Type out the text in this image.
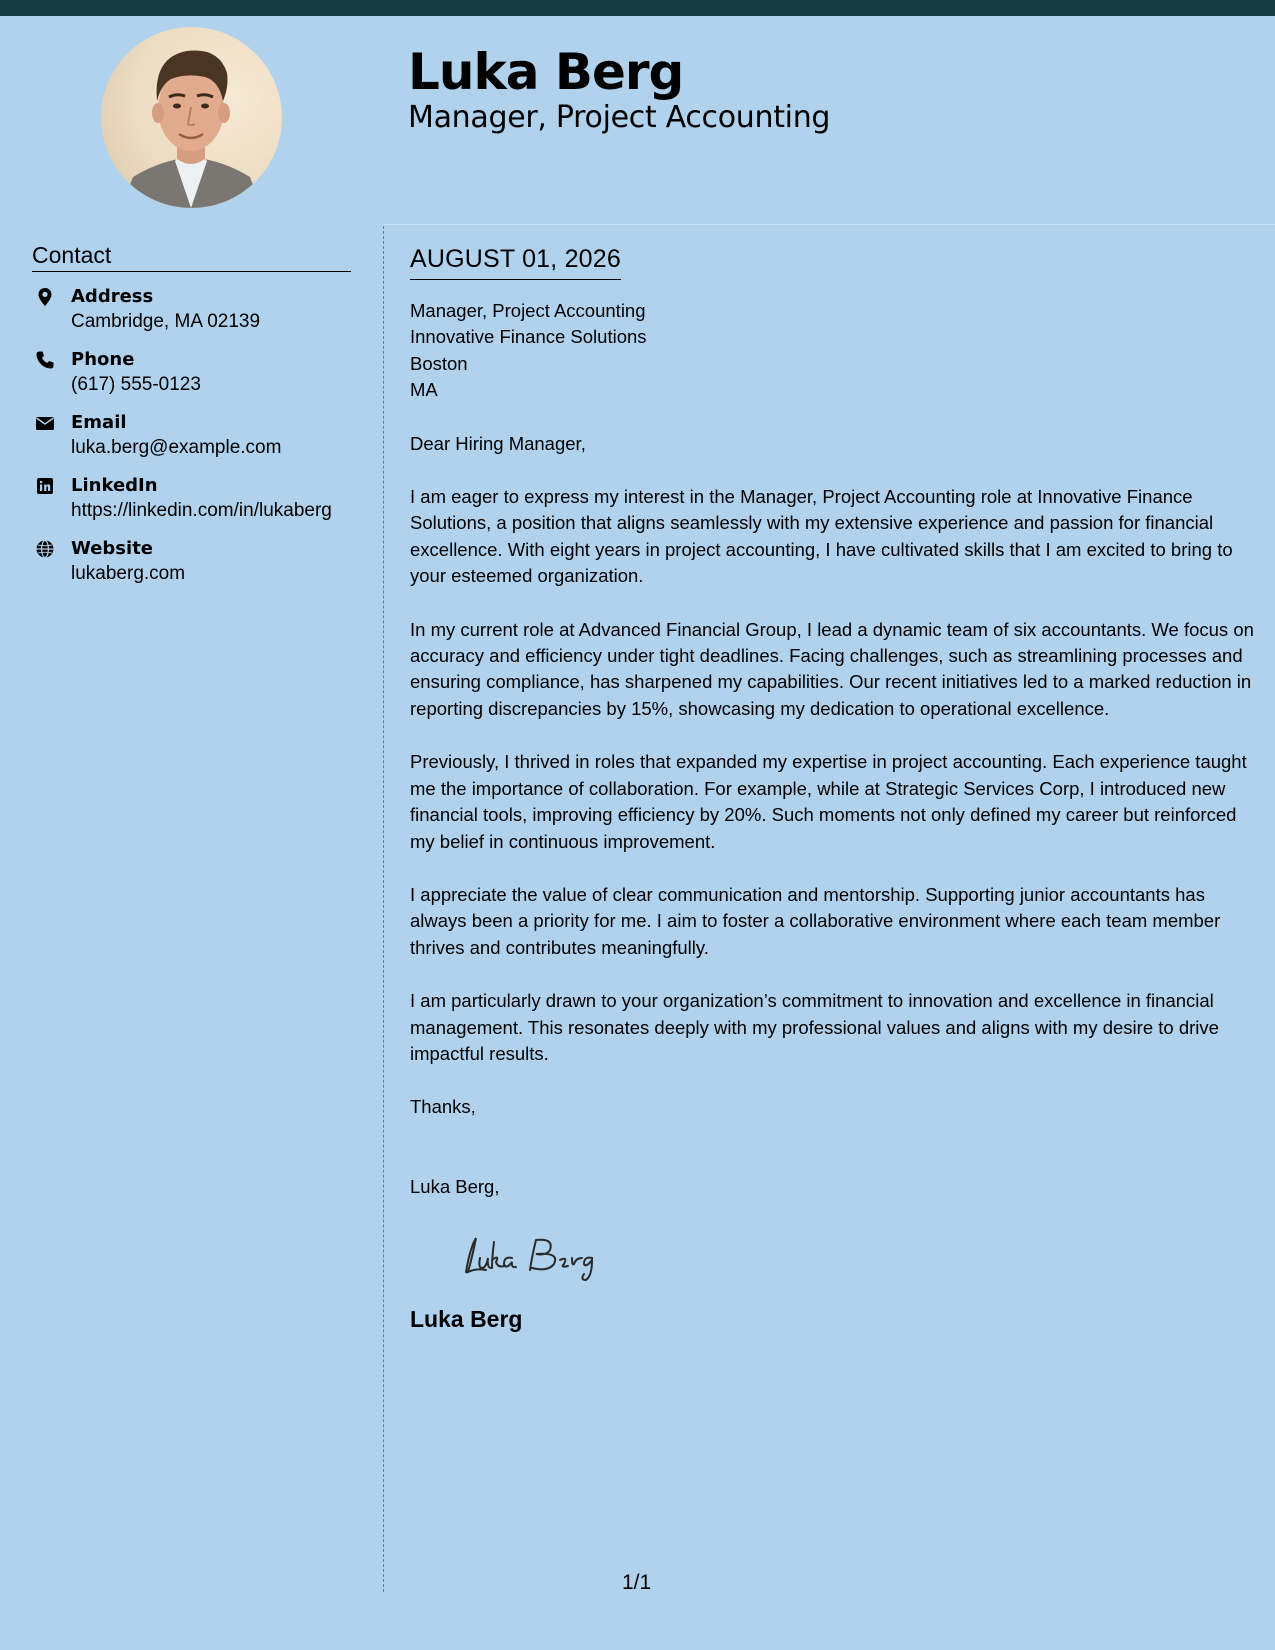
Luka Berg
Manager, Project Accounting
Contact
Address
Cambridge, MA 02139
Phone
(617) 555-0123
Email
luka.berg@example.com
LinkedIn
https://linkedin.com/in/lukaberg
Website
lukaberg.com
AUGUST 01, 2026
Manager, Project Accounting
Innovative Finance Solutions
Boston
MA
Dear Hiring Manager,
I am eager to express my interest in the Manager, Project Accounting role at Innovative Finance Solutions, a position that aligns seamlessly with my extensive experience and passion for financial excellence. With eight years in project accounting, I have cultivated skills that I am excited to bring to your esteemed organization.
In my current role at Advanced Financial Group, I lead a dynamic team of six accountants. We focus on accuracy and efficiency under tight deadlines. Facing challenges, such as streamlining processes and ensuring compliance, has sharpened my capabilities. Our recent initiatives led to a marked reduction in reporting discrepancies by 15%, showcasing my dedication to operational excellence.
Previously, I thrived in roles that expanded my expertise in project accounting. Each experience taught me the importance of collaboration. For example, while at Strategic Services Corp, I introduced new financial tools, improving efficiency by 20%. Such moments not only defined my career but reinforced my belief in continuous improvement.
I appreciate the value of clear communication and mentorship. Supporting junior accountants has always been a priority for me. I aim to foster a collaborative environment where each team member thrives and contributes meaningfully.
I am particularly drawn to your organization’s commitment to innovation and excellence in financial management. This resonates deeply with my professional values and aligns with my desire to drive impactful results.
Thanks,
Luka Berg,
Luka Berg
1/1
